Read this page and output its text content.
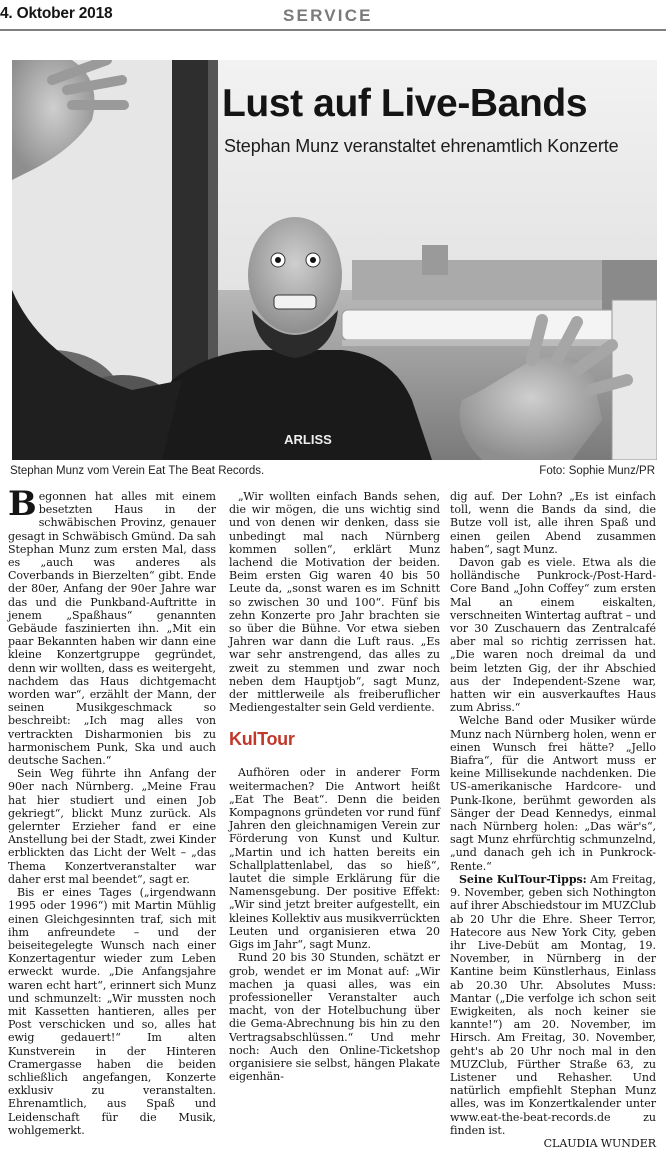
4. Oktober 2018	SERVICE
ARLISS
Lust auf Live-Bands
Stephan Munz veranstaltet ehrenamtlich Konzerte
Stephan Munz vom Verein Eat The Beat Records.	Foto: Sophie Munz/PR

Begonnen hat alles mit einem besetzten Haus in der schwäbischen Provinz, genauer gesagt in Schwäbisch Gmünd. Da sah Stephan Munz zum ersten Mal, dass es „auch was anderes als Coverbands in Bierzelten“ gibt. Ende der 80er, Anfang der 90er Jahre war das und die Punkband-Auftritte in jenem „Spaßhaus“ genannten Gebäude faszinierten ihn. „Mit ein paar Bekannten haben wir dann eine kleine Konzertgruppe gegründet, denn wir wollten, dass es weitergeht, nachdem das Haus dichtgemacht worden war“, erzählt der Mann, der seinen Musikgeschmack so beschreibt: „Ich mag alles von vertrackten Disharmonien bis zu harmonischem Punk, Ska und auch deutsche Sachen.“

Sein Weg führte ihn Anfang der 90er nach Nürnberg. „Meine Frau hat hier studiert und einen Job gekriegt“, blickt Munz zurück. Als gelernter Erzieher fand er eine Anstellung bei der Stadt, zwei Kinder erblickten das Licht der Welt – „das Thema Konzertveranstalter war daher erst mal beendet“, sagt er.

Bis er eines Tages („irgendwann 1995 oder 1996“) mit Martin Mühlig einen Gleichgesinnten traf, sich mit ihm anfreundete – und der beiseitegelegte Wunsch nach einer Konzertagentur wieder zum Leben erweckt wurde. „Die Anfangsjahre waren echt hart“, erinnert sich Munz und schmunzelt: „Wir mussten noch mit Kassetten hantieren, alles per Post verschicken und so, alles hat ewig gedauert!“ Im alten Kunstverein in der Hinteren Cramergasse haben die beiden schließlich angefangen, Konzerte exklusiv zu veranstalten. Ehrenamtlich, aus Spaß und Leidenschaft für die Musik, wohlgemerkt.

„Wir wollten einfach Bands sehen, die wir mögen, die uns wichtig sind und von denen wir denken, dass sie unbedingt mal nach Nürnberg kommen sollen“, erklärt Munz lachend die Motivation der beiden. Beim ersten Gig waren 40 bis 50 Leute da, „sonst waren es im Schnitt so zwischen 30 und 100“. Fünf bis zehn Konzerte pro Jahr brachten sie so über die Bühne. Vor etwa sieben Jahren war dann die Luft raus. „Es war sehr anstrengend, das alles zu zweit zu stemmen und zwar noch neben dem Hauptjob“, sagt Munz, der mittlerweile als freiberuflicher Mediengestalter sein Geld verdiente.

KulTour

Aufhören oder in anderer Form weitermachen? Die Antwort heißt „Eat The Beat“. Denn die beiden Kompagnons gründeten vor rund fünf Jahren den gleichnamigen Verein zur Förderung von Kunst und Kultur. „Martin und ich hatten bereits ein Schallplattenlabel, das so hieß“, lautet die simple Erklärung für die Namensgebung. Der positive Effekt: „Wir sind jetzt breiter aufgestellt, ein kleines Kollektiv aus musikverrückten Leuten und organisieren etwa 20 Gigs im Jahr“, sagt Munz.

Rund 20 bis 30 Stunden, schätzt er grob, wendet er im Monat auf: „Wir machen ja quasi alles, was ein professioneller Veranstalter auch macht, von der Hotelbuchung über die Gema-Abrechnung bis hin zu den Vertragsabschlüssen.“ Und mehr noch: Auch den Online-Ticketshop organisiere sie selbst, hängen Plakate eigenhän-

dig auf. Der Lohn? „Es ist einfach toll, wenn die Bands da sind, die Butze voll ist, alle ihren Spaß und einen geilen Abend zusammen haben“, sagt Munz.

Davon gab es viele. Etwa als die holländische Punkrock-/Post-Hard-Core Band „John Coffey“ zum ersten Mal an einem eiskalten, verschneiten Wintertag auftrat – und vor 30 Zuschauern das Zentralcafé aber mal so richtig zerrissen hat. „Die waren noch dreimal da und beim letzten Gig, der ihr Abschied aus der Independent-Szene war, hatten wir ein ausverkauftes Haus zum Abriss.“

Welche Band oder Musiker würde Munz nach Nürnberg holen, wenn er einen Wunsch frei hätte? „Jello Biafra“, für die Antwort muss er keine Millisekunde nachdenken. Die US-amerikanische Hardcore- und Punk-Ikone, berühmt geworden als Sänger der Dead Kennedys, einmal nach Nürnberg holen: „Das wär's“, sagt Munz ehrfürchtig schmunzelnd, „und danach geh ich in Punkrock-Rente.“

Seine KulTour-Tipps: Am Freitag, 9. November, geben sich Nothington auf ihrer Abschiedstour im MUZClub ab 20 Uhr die Ehre. Sheer Terror, Hatecore aus New York City, geben ihr Live-Debüt am Montag, 19. November, in Nürnberg in der Kantine beim Künstlerhaus, Einlass ab 20.30 Uhr. Absolutes Muss: Mantar („Die verfolge ich schon seit Ewigkeiten, als noch keiner sie kannte!“) am 20. November, im Hirsch. Am Freitag, 30. November, geht's ab 20 Uhr noch mal in den MUZClub, Fürther Straße 63, zu Listener und Rehasher. Und natürlich empfiehlt Stephan Munz alles, was im Konzertkalender unter www.eat-the-beat-records.de zu finden ist.
CLAUDIA WUNDER
